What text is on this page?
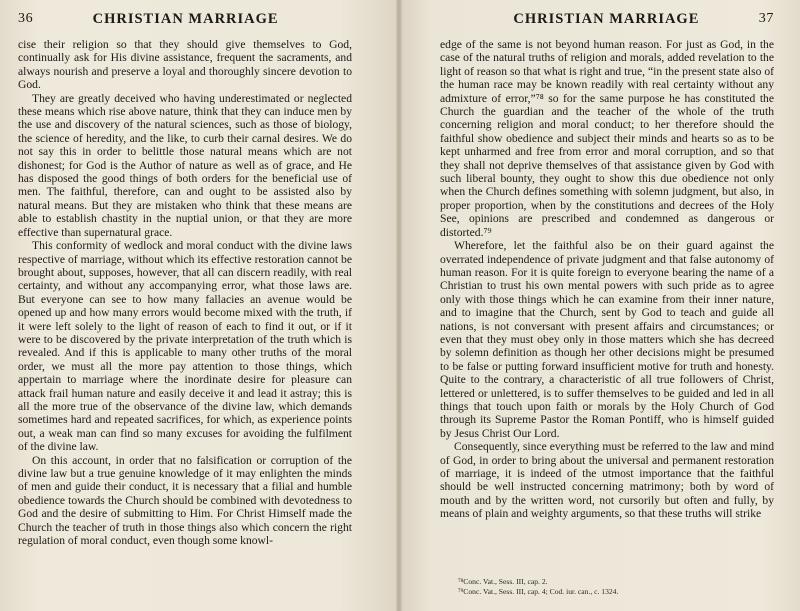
36	CHRISTIAN MARRIAGE

cise their religion so that they should give themselves to God, continually ask for His divine assistance, frequent the sacraments, and always nourish and preserve a loyal and thoroughly sincere devotion to God.

They are greatly deceived who having underestimated or neglected these means which rise above nature, think that they can induce men by the use and discovery of the natural sciences, such as those of biology, the science of heredity, and the like, to curb their carnal desires. We do not say this in order to belittle those natural means which are not dishonest; for God is the Author of nature as well as of grace, and He has disposed the good things of both orders for the beneficial use of men. The faithful, therefore, can and ought to be assisted also by natural means. But they are mistaken who think that these means are able to establish chastity in the nuptial union, or that they are more effective than supernatural grace.

This conformity of wedlock and moral conduct with the divine laws respective of marriage, without which its effective restoration cannot be brought about, supposes, however, that all can discern readily, with real certainty, and without any accompanying error, what those laws are. But everyone can see to how many fallacies an avenue would be opened up and how many errors would become mixed with the truth, if it were left solely to the light of reason of each to find it out, or if it were to be discovered by the private interpretation of the truth which is revealed. And if this is applicable to many other truths of the moral order, we must all the more pay attention to those things, which appertain to marriage where the inordinate desire for pleasure can attack frail human nature and easily deceive it and lead it astray; this is all the more true of the observance of the divine law, which demands sometimes hard and repeated sacrifices, for which, as experience points out, a weak man can find so many excuses for avoiding the fulfilment of the divine law.

On this account, in order that no falsification or corruption of the divine law but a true genuine knowledge of it may enlighten the minds of men and guide their conduct, it is necessary that a filial and humble obedience towards the Church should be combined with devotedness to God and the desire of submitting to Him. For Christ Himself made the Church the teacher of truth in those things also which concern the right regulation of moral conduct, even though some knowl-

CHRISTIAN MARRIAGE	37

edge of the same is not beyond human reason. For just as God, in the case of the natural truths of religion and morals, added revelation to the light of reason so that what is right and true, “in the present state also of the human race may be known readily with real certainty without any admixture of error,”⁷⁸ so for the same purpose he has constituted the Church the guardian and the teacher of the whole of the truth concerning religion and moral conduct; to her therefore should the faithful show obedience and subject their minds and hearts so as to be kept unharmed and free from error and moral corruption, and so that they shall not deprive themselves of that assistance given by God with such liberal bounty, they ought to show this due obedience not only when the Church defines something with solemn judgment, but also, in proper proportion, when by the constitutions and decrees of the Holy See, opinions are prescribed and condemned as dangerous or distorted.⁷⁹

Wherefore, let the faithful also be on their guard against the overrated independence of private judgment and that false autonomy of human reason. For it is quite foreign to everyone bearing the name of a Christian to trust his own mental powers with such pride as to agree only with those things which he can examine from their inner nature, and to imagine that the Church, sent by God to teach and guide all nations, is not conversant with present affairs and circumstances; or even that they must obey only in those matters which she has decreed by solemn definition as though her other decisions might be presumed to be false or putting forward insufficient motive for truth and honesty. Quite to the contrary, a characteristic of all true followers of Christ, lettered or unlettered, is to suffer themselves to be guided and led in all things that touch upon faith or morals by the Holy Church of God through its Supreme Pastor the Roman Pontiff, who is himself guided by Jesus Christ Our Lord.

Consequently, since everything must be referred to the law and mind of God, in order to bring about the universal and permanent restoration of marriage, it is indeed of the utmost importance that the faithful should be well instructed concerning matrimony; both by word of mouth and by the written word, not cursorily but often and fully, by means of plain and weighty arguments, so that these truths will strike

⁷⁸Conc. Vat., Sess. III, cap. 2.
⁷⁹Conc. Vat., Sess. III, cap. 4; Cod. iur. can., c. 1324.
